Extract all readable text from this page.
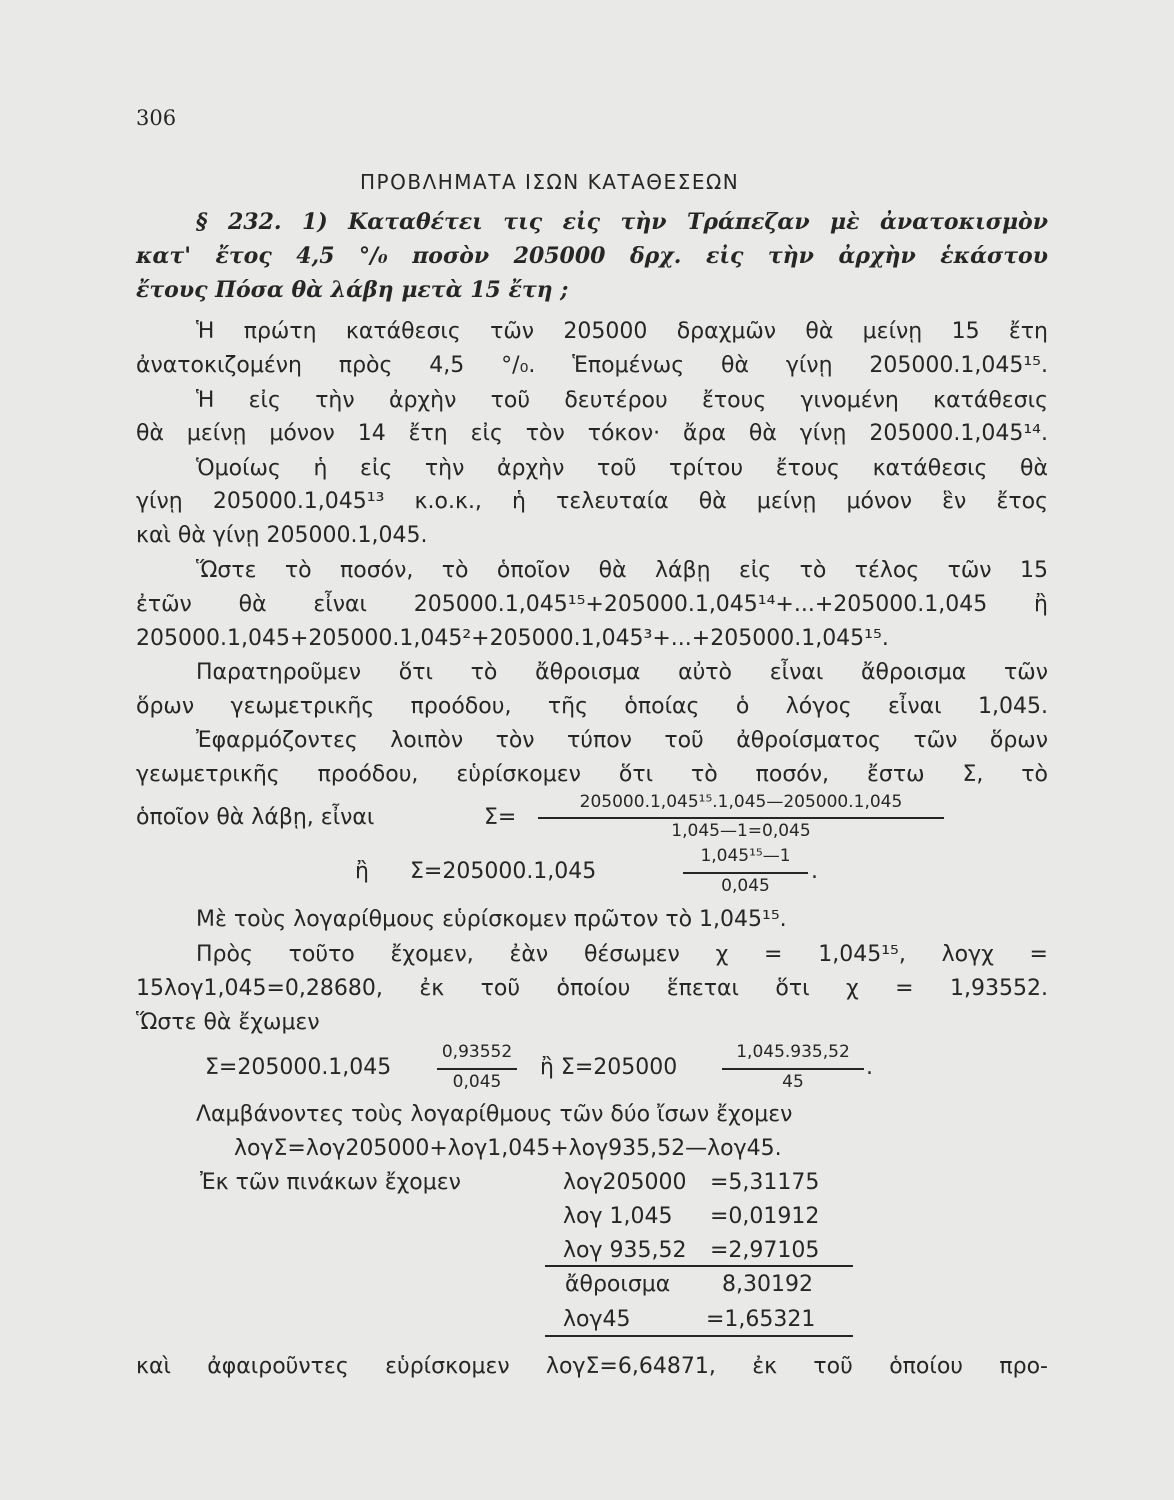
306
ΠΡΟΒΛΗΜΑΤΑ ΙΣΩΝ ΚΑΤΑΘΕΣΕΩΝ
§ 232. 1) Καταθέτει τις εἰς τὴν Τράπεζαν μὲ ἀνατοκισμὸν
κατ' ἔτος 4,5 °/₀ ποσὸν 205000 δρχ. εἰς τὴν ἀρχὴν ἑκάστου
ἔτους Πόσα θὰ λάβη μετὰ 15 ἔτη ;
Ἡ πρώτη κατάθεσις τῶν 205000 δραχμῶν θὰ μείνῃ 15 ἔτη
ἀνατοκιζομένη πρὸς 4,5 °/₀. Ἑπομένως θὰ γίνῃ 205000.1,045¹⁵.
Ἡ εἰς τὴν ἀρχὴν τοῦ δευτέρου ἔτους γινομένη κατάθεσις
θὰ μείνῃ μόνον 14 ἔτη εἰς τὸν τόκον· ἄρα θὰ γίνῃ 205000.1,045¹⁴.
Ὁμοίως ἡ εἰς τὴν ἀρχὴν τοῦ τρίτου ἔτους κατάθεσις θὰ
γίνῃ 205000.1,045¹³ κ.ο.κ., ἡ τελευταία θὰ μείνῃ μόνον ἓν ἔτος
καὶ θὰ γίνῃ 205000.1,045.
Ὥστε τὸ ποσόν, τὸ ὁποῖον θὰ λάβῃ εἰς τὸ τέλος τῶν 15
ἐτῶν θὰ εἶναι 205000.1,045¹⁵+205000.1,045¹⁴+...+205000.1,045 ἢ
205000.1,045+205000.1,045²+205000.1,045³+...+205000.1,045¹⁵.
Παρατηροῦμεν ὅτι τὸ ἄθροισμα αὐτὸ εἶναι ἄθροισμα τῶν
ὅρων γεωμετρικῆς προόδου, τῆς ὁποίας ὁ λόγος εἶναι 1,045.
Ἐφαρμόζοντες λοιπὸν τὸν τύπον τοῦ ἀθροίσματος τῶν ὅρων
γεωμετρικῆς προόδου, εὑρίσκομεν ὅτι τὸ ποσόν, ἔστω Σ, τὸ
ὁποῖον θὰ λάβῃ, εἶναι	Σ=
205000.1,045¹⁵.1,045—205000.1,045
1,045—1=0,045
ἢ Σ=205000.1,045
1,045¹⁵—1
0,045
.
Μὲ τοὺς λογαρίθμους εὑρίσκομεν πρῶτον τὸ 1,045¹⁵.
Πρὸς τοῦτο ἔχομεν, ἐὰν θέσωμεν χ = 1,045¹⁵, λογχ =
15λογ1,045=0,28680, ἐκ τοῦ ὁποίου ἕπεται ὅτι χ = 1,93552.
Ὥστε θὰ ἔχωμεν
Σ=205000.1,045
0,93552
0,045
ἢ Σ=205000
1,045.935,52
45
.
Λαμβάνοντες τοὺς λογαρίθμους τῶν δύο ἴσων ἔχομεν
λογΣ=λογ205000+λογ1,045+λογ935,52—λογ45.
Ἐκ τῶν πινάκων ἔχομεν	λογ205000 =5,31175
λογ 1,045 =0,01912
λογ 935,52 =2,97105
ἄθροισμα 8,30192
λογ45	=1,65321
καὶ ἀφαιροῦντες εὑρίσκομεν λογΣ=6,64871, ἐκ τοῦ ὁποίου προ-
